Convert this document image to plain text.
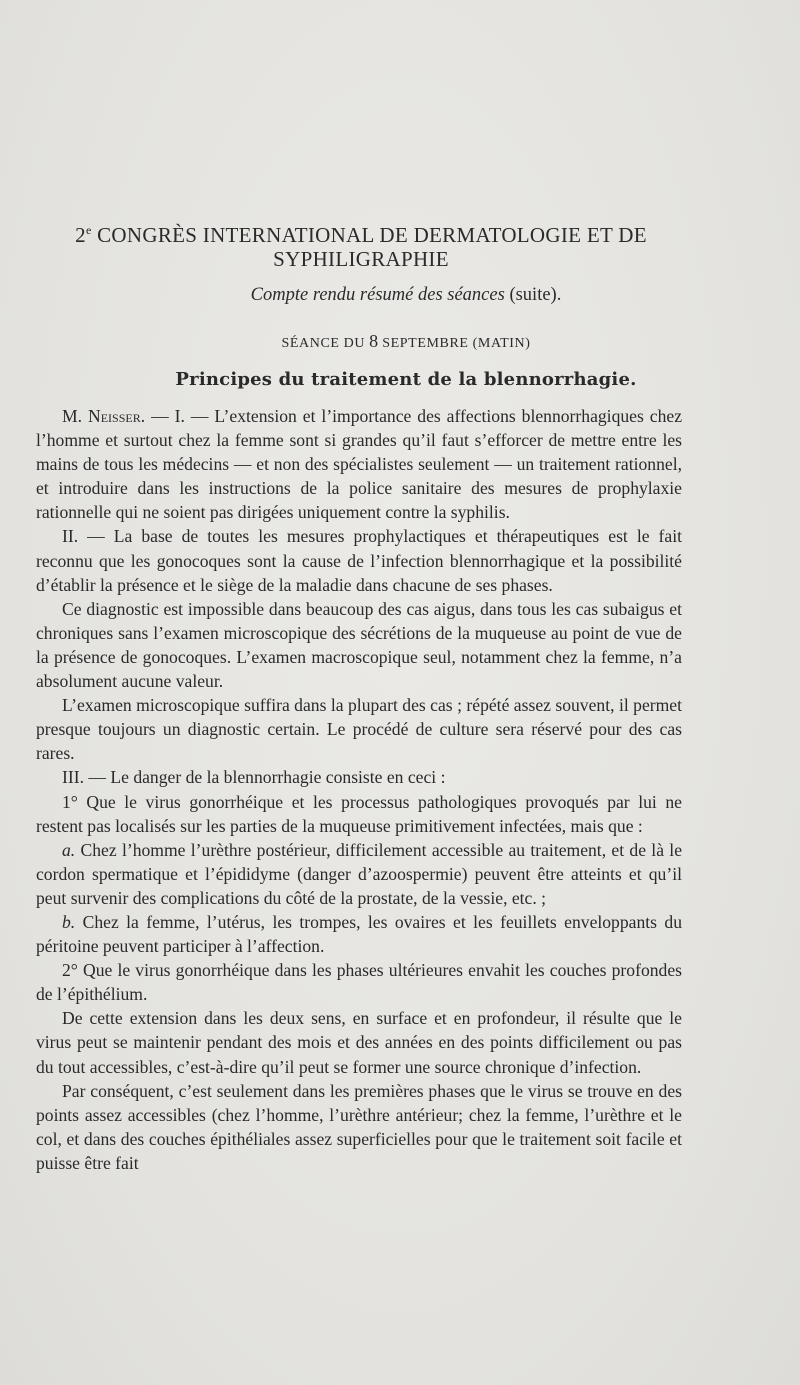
2e CONGRÈS INTERNATIONAL DE DERMATOLOGIE ET DE
SYPHILIGRAPHIE
Compte rendu résumé des séances (suite).
SÉANCE DU 8 SEPTEMBRE (MATIN)
Principes du traitement de la blennorrhagie.

M. Neisser. — I. — L’extension et l’importance des affections blennorrhagiques chez l’homme et surtout chez la femme sont si grandes qu’il faut s’efforcer de mettre entre les mains de tous les médecins — et non des spécialistes seulement — un traitement rationnel, et introduire dans les instructions de la police sanitaire des mesures de prophylaxie rationnelle qui ne soient pas dirigées uniquement contre la syphilis.

II. — La base de toutes les mesures prophylactiques et thérapeutiques est le fait reconnu que les gonocoques sont la cause de l’infection blennorrhagique et la possibilité d’établir la présence et le siège de la maladie dans chacune de ses phases.

Ce diagnostic est impossible dans beaucoup des cas aigus, dans tous les cas subaigus et chroniques sans l’examen microscopique des sécrétions de la muqueuse au point de vue de la présence de gonocoques. L’examen macroscopique seul, notamment chez la femme, n’a absolument aucune valeur.

L’examen microscopique suffira dans la plupart des cas ; répété assez souvent, il permet presque toujours un diagnostic certain. Le procédé de culture sera réservé pour des cas rares.

III. — Le danger de la blennorrhagie consiste en ceci :

1° Que le virus gonorrhéique et les processus pathologiques provoqués par lui ne restent pas localisés sur les parties de la muqueuse primitivement infectées, mais que :

a. Chez l’homme l’urèthre postérieur, difficilement accessible au traitement, et de là le cordon spermatique et l’épididyme (danger d’azoospermie) peuvent être atteints et qu’il peut survenir des complications du côté de la prostate, de la vessie, etc. ;

b. Chez la femme, l’utérus, les trompes, les ovaires et les feuillets enveloppants du péritoine peuvent participer à l’affection.

2° Que le virus gonorrhéique dans les phases ultérieures envahit les couches profondes de l’épithélium.

De cette extension dans les deux sens, en surface et en profondeur, il résulte que le virus peut se maintenir pendant des mois et des années en des points difficilement ou pas du tout accessibles, c’est-à-dire qu’il peut se former une source chronique d’infection.

Par conséquent, c’est seulement dans les premières phases que le virus se trouve en des points assez accessibles (chez l’homme, l’urèthre antérieur; chez la femme, l’urèthre et le col, et dans des couches épithéliales assez superficielles pour que le traitement soit facile et puisse être fait
